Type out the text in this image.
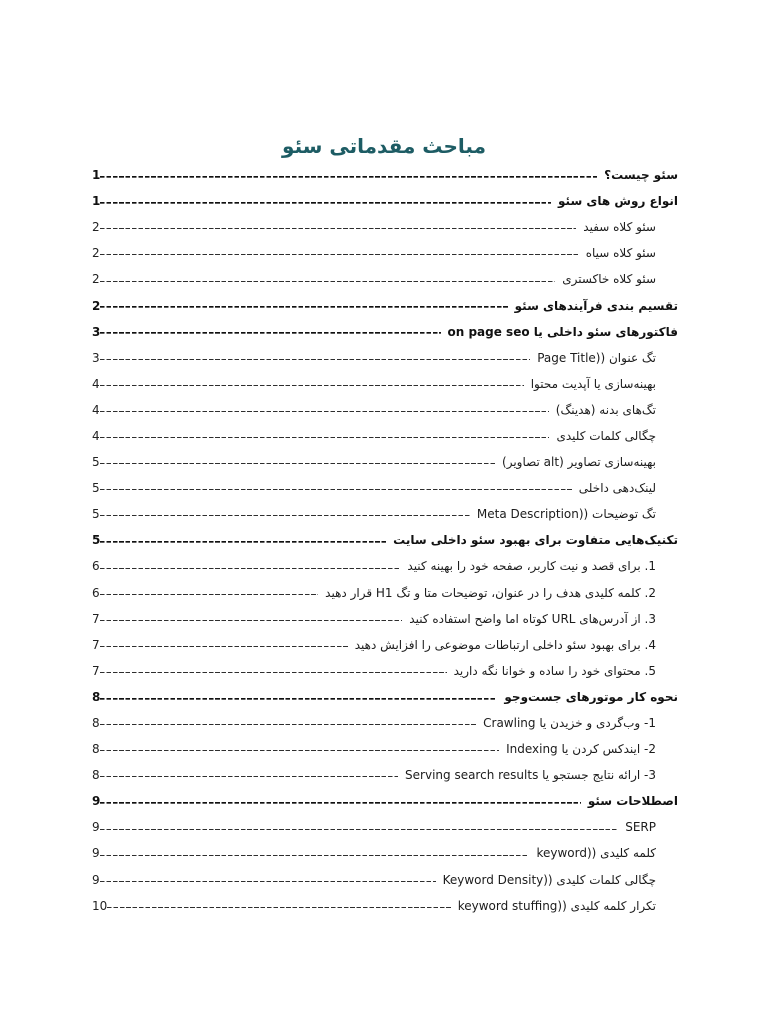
مباحث مقدماتی سئو
1	سئو چیست؟
1	انواع روش های سئو
2	سئو کلاه سفید
2	سئو کلاه سیاه
2	سئو کلاه خاکستری
2	تقسیم بندی فرآیندهای سئو
3	فاکتورهای سئو داخلی یا on page seo
3	تگ عنوان ((Page Title
4	بهینه‌سازی یا آپدیت محتوا
4	تگ‌های بدنه (هدینگ)
4	چگالی کلمات کلیدی
5	بهینه‌سازی تصاویر (alt تصاویر)
5	لینک‌دهی داخلی
5	تگ توضیحات ((Meta Description
5	تکنیک‌هایی متفاوت برای بهبود سئو داخلی سایت
6	1. برای قصد و نیت کاربر، صفحه خود را بهینه کنید
6	2. کلمه کلیدی هدف را در عنوان، توضیحات متا و تگ H1 قرار دهید
7	3. از آدرس‌های URL کوتاه اما واضح استفاده کنید
7	4. برای بهبود سئو داخلی ارتباطات موضوعی را افزایش دهید
7	5. محتوای خود را ساده و خوانا نگه دارید
8	نحوه کار موتورهای جست‌وجو
8	1- وب‌گردی و خزیدن یا Crawling
8	2- ایندکس کردن یا Indexing
8	3- ارائه نتایج جستجو یا Serving search results
9	اصطلاحات سئو
9	SERP
9	کلمه کلیدی ((keyword
9	چگالی کلمات کلیدی ((Keyword Density
10	تکرار کلمه کلیدی ((keyword stuffing
